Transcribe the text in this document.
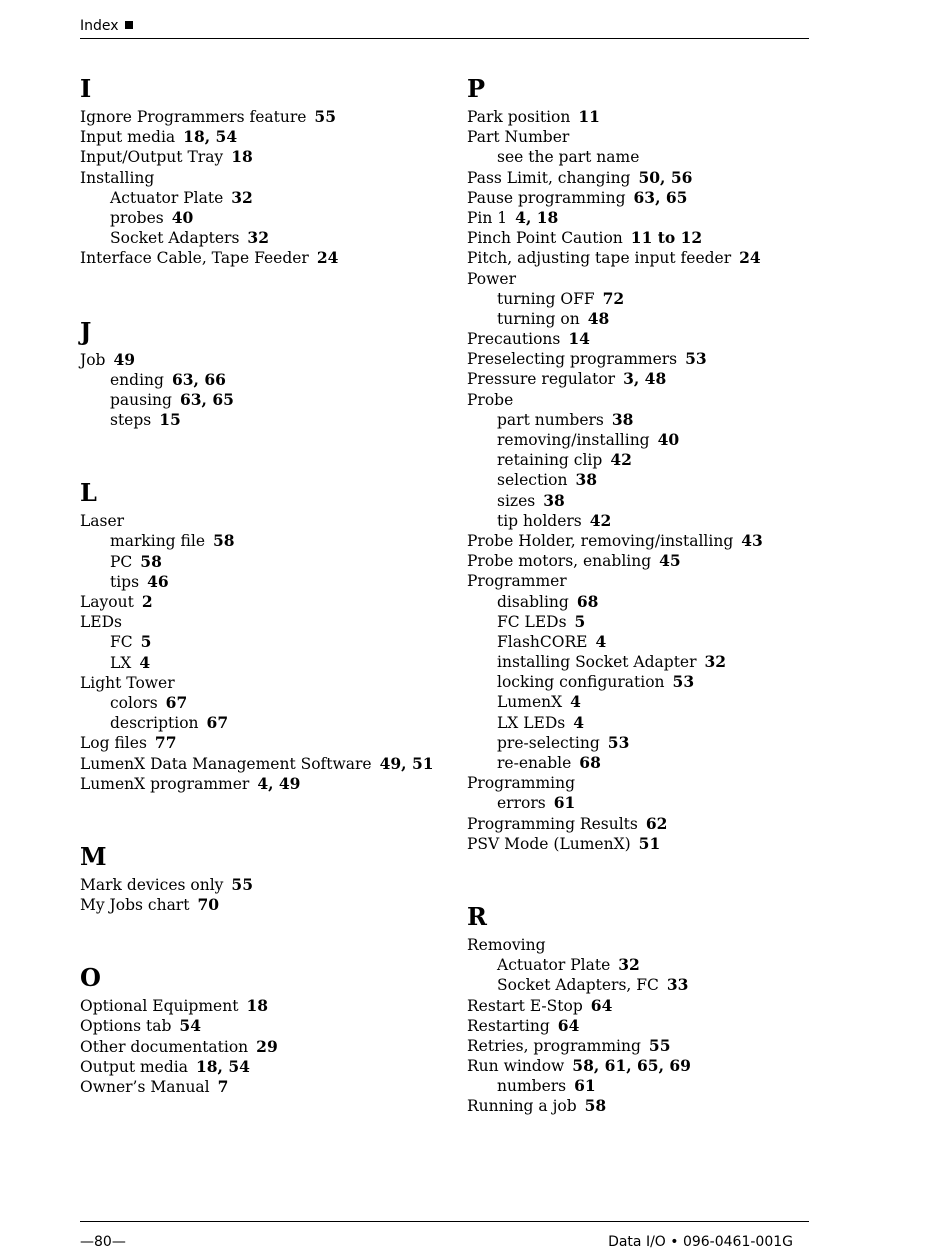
Index
I
Ignore Programmers feature 55
Input media 18, 54
Input/Output Tray 18
Installing
Actuator Plate 32
probes 40
Socket Adapters 32
Interface Cable, Tape Feeder 24
J
Job 49
ending 63, 66
pausing 63, 65
steps 15
L
Laser
marking file 58
PC 58
tips 46
Layout 2
LEDs
FC 5
LX 4
Light Tower
colors 67
description 67
Log files 77
LumenX Data Management Software 49, 51
LumenX programmer 4, 49
M
Mark devices only 55
My Jobs chart 70
O
Optional Equipment 18
Options tab 54
Other documentation 29
Output media 18, 54
Owner’s Manual 7
P
Park position 11
Part Number
see the part name
Pass Limit, changing 50, 56
Pause programming 63, 65
Pin 1 4, 18
Pinch Point Caution 11 to 12
Pitch, adjusting tape input feeder 24
Power
turning OFF 72
turning on 48
Precautions 14
Preselecting programmers 53
Pressure regulator 3, 48
Probe
part numbers 38
removing/installing 40
retaining clip 42
selection 38
sizes 38
tip holders 42
Probe Holder, removing/installing 43
Probe motors, enabling 45
Programmer
disabling 68
FC LEDs 5
FlashCORE 4
installing Socket Adapter 32
locking configuration 53
LumenX 4
LX LEDs 4
pre-selecting 53
re-enable 68
Programming
errors 61
Programming Results 62
PSV Mode (LumenX) 51
R
Removing
Actuator Plate 32
Socket Adapters, FC 33
Restart E-Stop 64
Restarting 64
Retries, programming 55
Run window 58, 61, 65, 69
numbers 61
Running a job 58
—80—	Data I/O • 096-0461-001G
